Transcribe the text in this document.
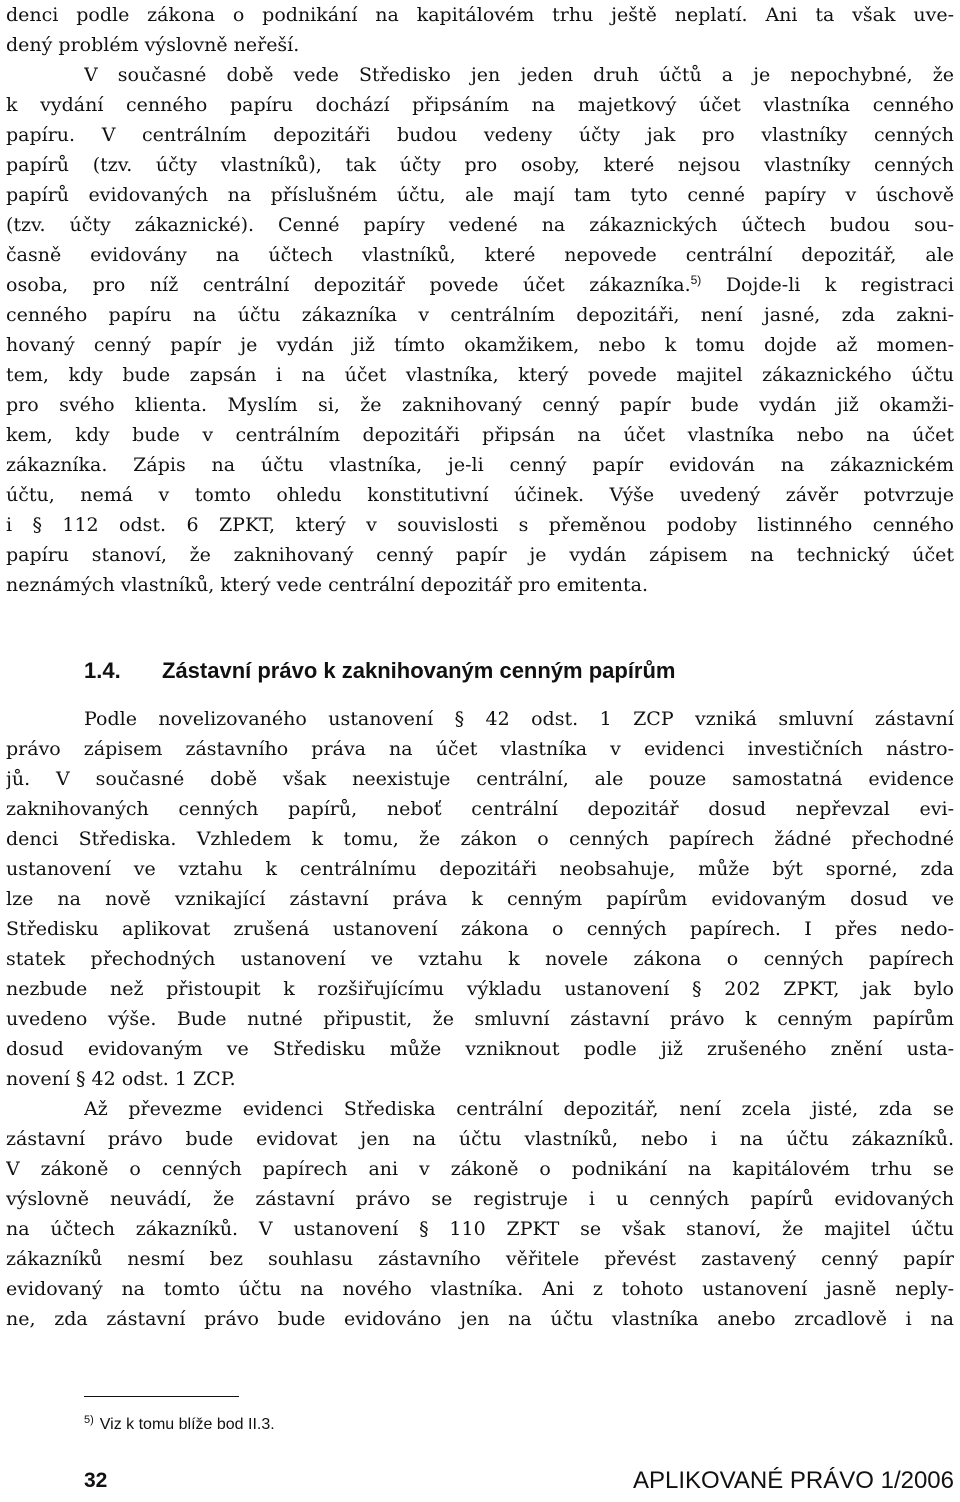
denci podle zákona o podnikání na kapitálovém trhu ještě neplatí. Ani ta však uve-
dený problém výslovně neřeší.
V současné době vede Středisko jen jeden druh účtů a je nepochybné, že
k vydání cenného papíru dochází připsáním na majetkový účet vlastníka cenného
papíru. V centrálním depozitáři budou vedeny účty jak pro vlastníky cenných
papírů (tzv. účty vlastníků), tak účty pro osoby, které nejsou vlastníky cenných
papírů evidovaných na příslušném účtu, ale mají tam tyto cenné papíry v úschově
(tzv. účty zákaznické). Cenné papíry vedené na zákaznických účtech budou sou-
časně evidovány na účtech vlastníků, které nepovede centrální depozitář, ale
osoba, pro níž centrální depozitář povede účet zákazníka.$^{5)}$ Dojde-li k registraci
cenného papíru na účtu zákazníka v centrálním depozitáři, není jasné, zda zakni-
hovaný cenný papír je vydán již tímto okamžikem, nebo k tomu dojde až momen-
tem, kdy bude zapsán i na účet vlastníka, který povede majitel zákaznického účtu
pro svého klienta. Myslím si, že zaknihovaný cenný papír bude vydán již okamži-
kem, kdy bude v centrálním depozitáři připsán na účet vlastníka nebo na účet
zákazníka. Zápis na účtu vlastníka, je-li cenný papír evidován na zákaznickém
účtu, nemá v tomto ohledu konstitutivní účinek. Výše uvedený závěr potvrzuje
i § 112 odst. 6 ZPKT, který v souvislosti s přeměnou podoby listinného cenného
papíru stanoví, že zaknihovaný cenný papír je vydán zápisem na technický účet
neznámých vlastníků, který vede centrální depozitář pro emitenta.
1.4. Zástavní právo k zaknihovaným cenným papírům
Podle novelizovaného ustanovení § 42 odst. 1 ZCP vzniká smluvní zástavní
právo zápisem zástavního práva na účet vlastníka v evidenci investičních nástro-
jů. V současné době však neexistuje centrální, ale pouze samostatná evidence
zaknihovaných cenných papírů, neboť centrální depozitář dosud nepřevzal evi-
denci Střediska. Vzhledem k tomu, že zákon o cenných papírech žádné přechodné
ustanovení ve vztahu k centrálnímu depozitáři neobsahuje, může být sporné, zda
lze na nově vznikající zástavní práva k cenným papírům evidovaným dosud ve
Středisku aplikovat zrušená ustanovení zákona o cenných papírech. I přes nedo-
statek přechodných ustanovení ve vztahu k novele zákona o cenných papírech
nezbude než přistoupit k rozšiřujícímu výkladu ustanovení § 202 ZPKT, jak bylo
uvedeno výše. Bude nutné připustit, že smluvní zástavní právo k cenným papírům
dosud evidovaným ve Středisku může vzniknout podle již zrušeného znění usta-
novení § 42 odst. 1 ZCP.
Až převezme evidenci Střediska centrální depozitář, není zcela jisté, zda se
zástavní právo bude evidovat jen na účtu vlastníků, nebo i na účtu zákazníků.
V zákoně o cenných papírech ani v zákoně o podnikání na kapitálovém trhu se
výslovně neuvádí, že zástavní právo se registruje i u cenných papírů evidovaných
na účtech zákazníků. V ustanovení § 110 ZPKT se však stanoví, že majitel účtu
zákazníků nesmí bez souhlasu zástavního věřitele převést zastavený cenný papír
evidovaný na tomto účtu na nového vlastníka. Ani z tohoto ustanovení jasně neply-
ne, zda zástavní právo bude evidováno jen na účtu vlastníka anebo zrcadlově i na
$^{5)}$ Viz k tomu blíže bod II.3.
32	APLIKOVANÉ PRÁVO 1/2006
